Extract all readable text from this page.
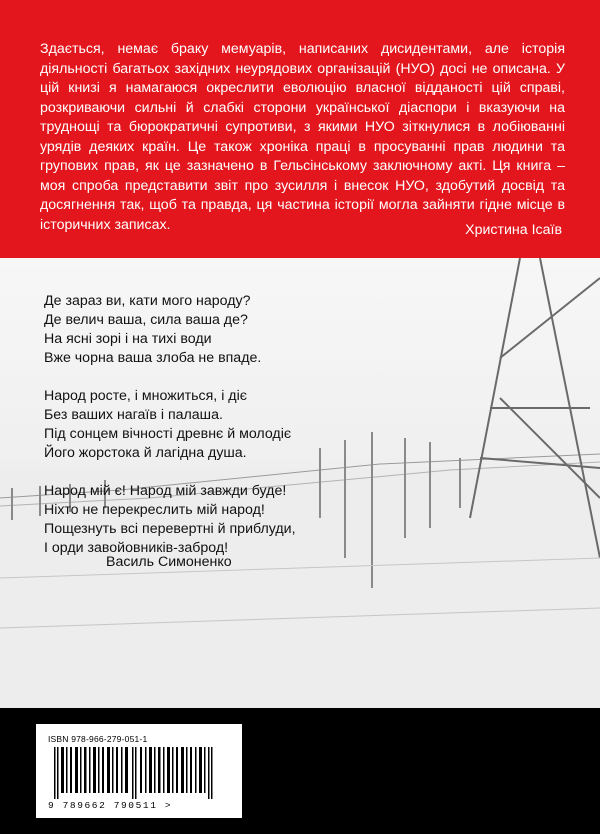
Здається, немає браку мемуарів, написаних дисидентами, але історія діяльності багатьох західних неурядових організацій (НУО) досі не описана. У цій книзі я намагаюся окреслити еволюцію власної відданості цій справі, розкриваючи сильні й слабкі сторони української діаспори і вказуючи на труднощі та бюрократичні супротиви, з якими НУО зіткнулися в лобіюванні урядів деяких країн. Це також хроніка праці в просуванні прав людини та групових прав, як це зазначено в Гельсінському заключному акті. Ця книга – моя спроба представити звіт про зусилля і внесок НУО, здобутий досвід та досягнення так, щоб та правда, ця частина історії могла зайняти гідне місце в історичних записах.	Христина Ісаїв
Де зараз ви, кати мого народу?
Де велич ваша, сила ваша де?
На ясні зорі і на тихі води
Вже чорна ваша злоба не впаде.
Народ росте, і множиться, і діє
Без ваших нагаїв і палаша.
Під сонцем вічності древнє й молодіє
Його жорстока й лагідна душа.
Народ мій є! Народ мій завжди буде!
Ніхто не перекреслить мій народ!
Пощезнуть всі перевертні й приблуди,
І орди завойовників-заброд!
Василь Симоненко
ISBN 978-966-279-051-1
9 789662 790511 >
